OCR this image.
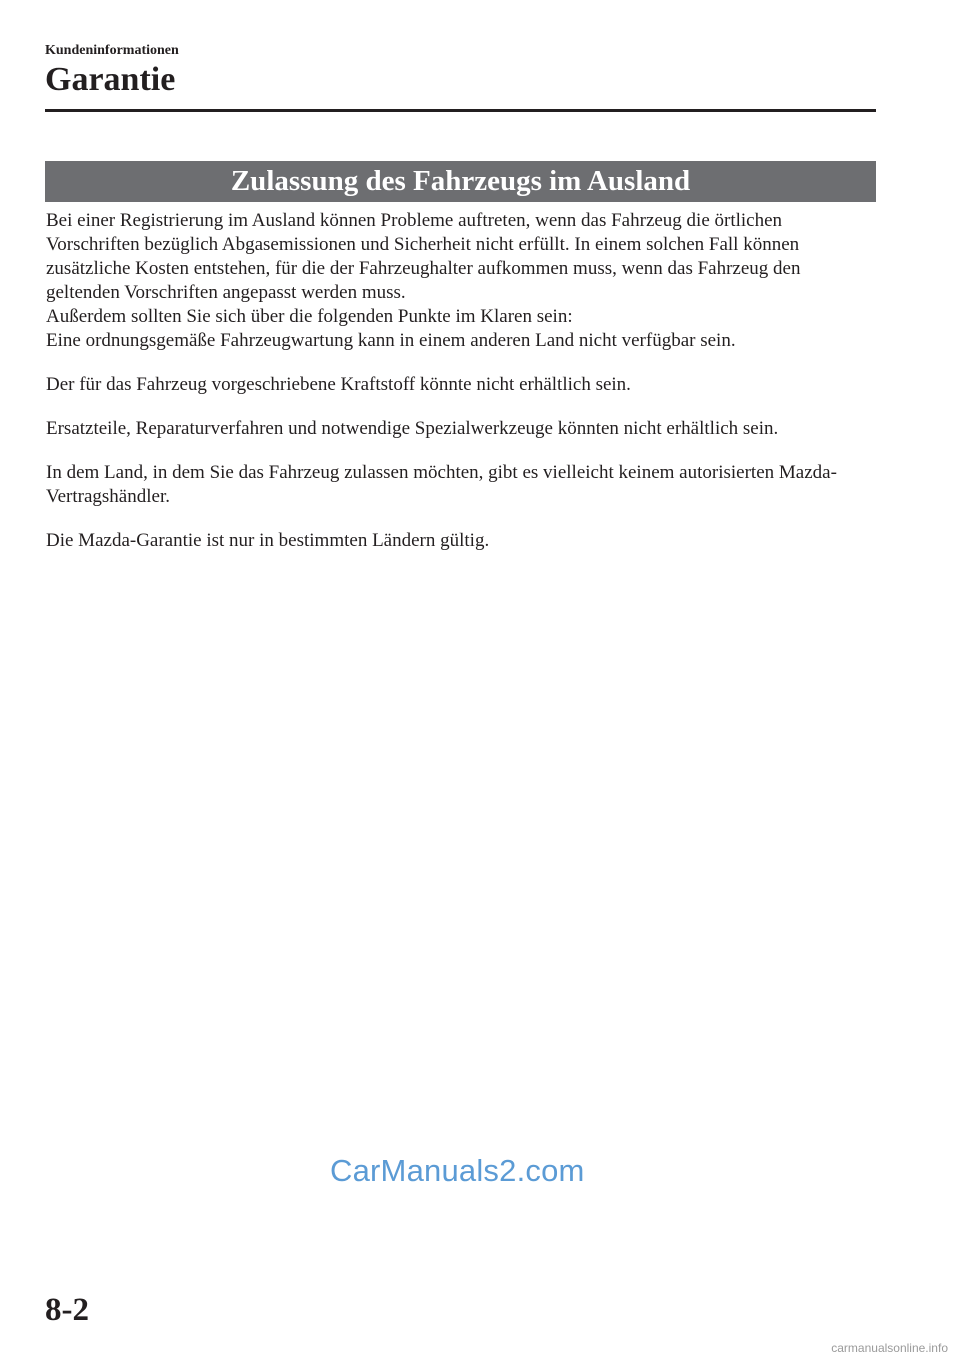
Kundeninformationen
Garantie
Zulassung des Fahrzeugs im Ausland

Bei einer Registrierung im Ausland können Probleme auftreten, wenn das Fahrzeug die örtlichen Vorschriften bezüglich Abgasemissionen und Sicherheit nicht erfüllt. In einem solchen Fall können zusätzliche Kosten entstehen, für die der Fahrzeughalter aufkommen muss, wenn das Fahrzeug den geltenden Vorschriften angepasst werden muss.

Außerdem sollten Sie sich über die folgenden Punkte im Klaren sein:

Eine ordnungsgemäße Fahrzeugwartung kann in einem anderen Land nicht verfügbar sein.

Der für das Fahrzeug vorgeschriebene Kraftstoff könnte nicht erhältlich sein.

Ersatzteile, Reparaturverfahren und notwendige Spezialwerkzeuge könnten nicht erhältlich sein.

In dem Land, in dem Sie das Fahrzeug zulassen möchten, gibt es vielleicht keinem autorisierten Mazda-Vertragshändler.

Die Mazda-Garantie ist nur in bestimmten Ländern gültig.

CarManuals2.com
8-2
carmanualsonline.info
